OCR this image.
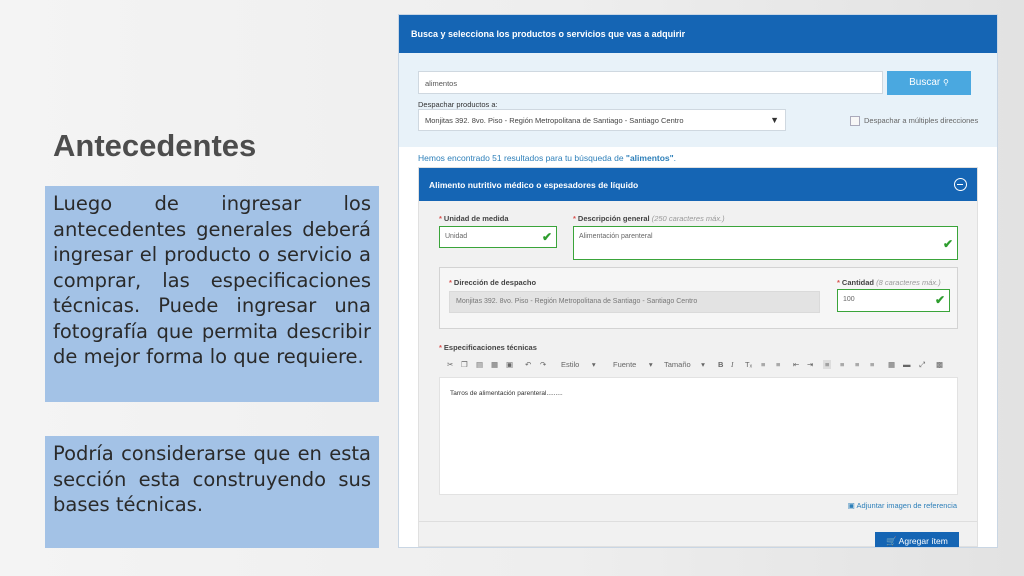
Antecedentes
Luego de ingresar los antecedentes generales deberá ingresar el producto o servicio a comprar, las especificaciones técnicas. Puede ingresar una fotografía que permita describir de mejor forma lo que requiere.
Podría considerarse que en esta sección esta construyendo sus bases técnicas.
Busca y selecciona los productos o servicios que vas a adquirir
alimentos	Buscar ⚲
Despachar productos a:
Monjitas 392. 8vo. Piso - Región Metropolitana de Santiago - Santiago Centro	▼	Despachar a múltiples direcciones
Hemos encontrado 51 resultados para tu búsqueda de "alimentos".
Alimento nutritivo médico o espesadores de líquido
* Unidad de medida
Unidad	✔
* Descripción general (250 caracteres máx.)
Alimentación parenteral
✔
* Dirección de despacho
Monjitas 392. 8vo. Piso - Región Metropolitana de Santiago - Santiago Centro
* Cantidad (8 caracteres máx.)
100	✔
* Especificaciones técnicas
✂ ❐ ▤ ▦ ▣ ↶ ↷ Estilo      ▾ Fuente      ▾ Tamaño     ▾ B I Tₓ ≡ ≡ ⇤ ⇥ ≡ ≡ ≡ ≡ ▦ ▬ ⤢ ▩
Tarros de alimentación parenteral.........
▣ Adjuntar imagen de referencia
🛒 Agregar ítem
